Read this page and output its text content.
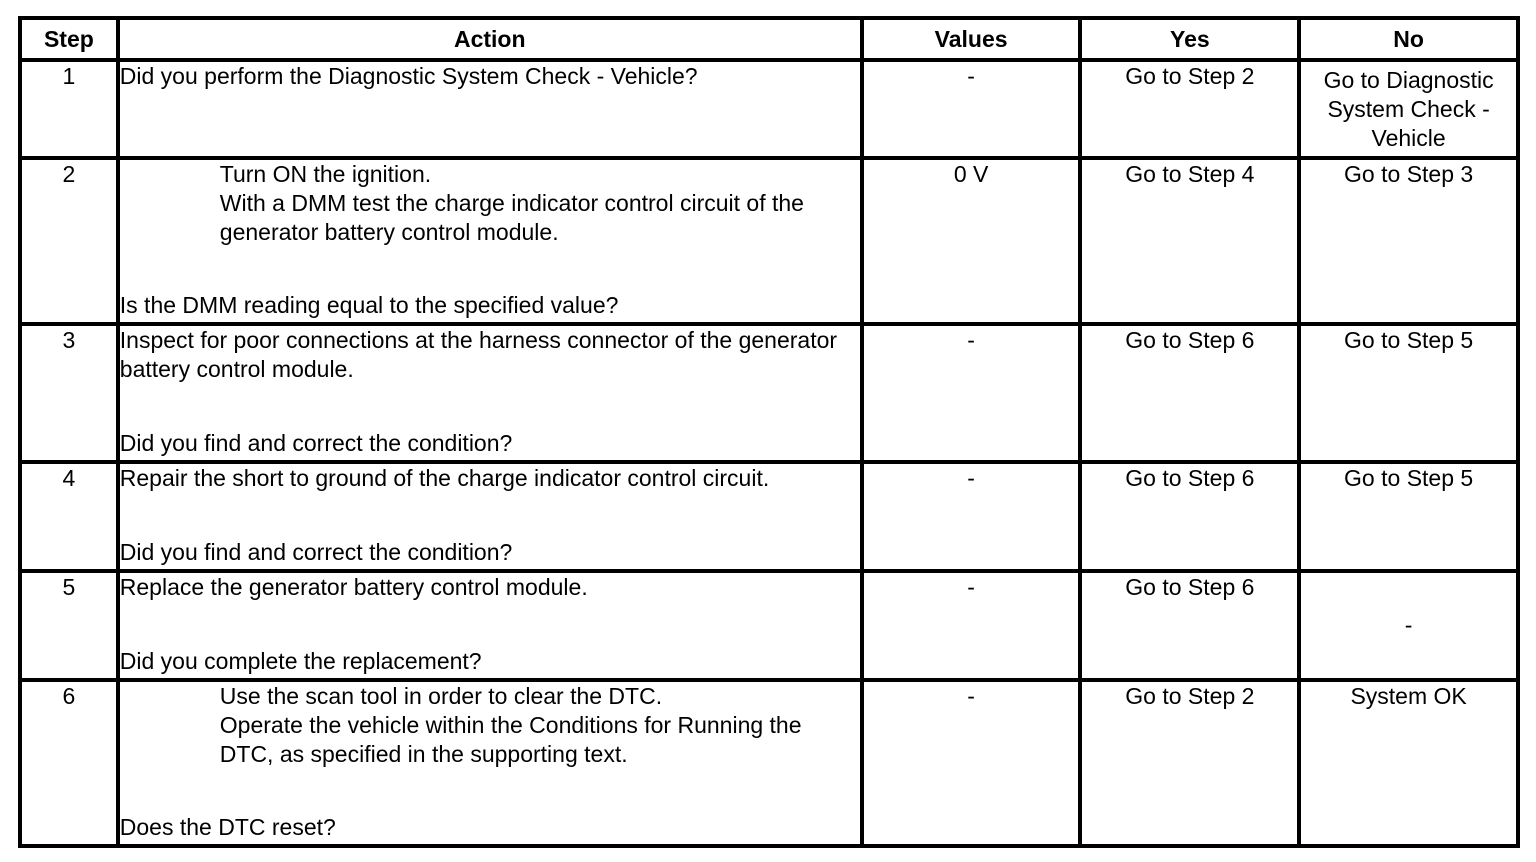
Step	Action	Values	Yes	No
1	Did you perform the Diagnostic System Check - Vehicle?	-	Go to Step 2	Go to Diagnostic
System Check -
Vehicle

2	Turn ON the ignition.
With a DMM test the charge indicator control circuit of the generator battery control module.
Is the DMM reading equal to the specified value?	0 V	Go to Step 4	Go to Step 3
3	Inspect for poor connections at the harness connector of the generator battery control module.
Did you find and correct the condition?	-	Go to Step 6	Go to Step 5
4	Repair the short to ground of the charge indicator control circuit.
Did you find and correct the condition?	-	Go to Step 6	Go to Step 5
5	Replace the generator battery control module.
Did you complete the replacement?	-	Go to Step 6	-
6	Use the scan tool in order to clear the DTC.
Operate the vehicle within the Conditions for Running the DTC, as specified in the supporting text.
Does the DTC reset?	-	Go to Step 2	System OK
